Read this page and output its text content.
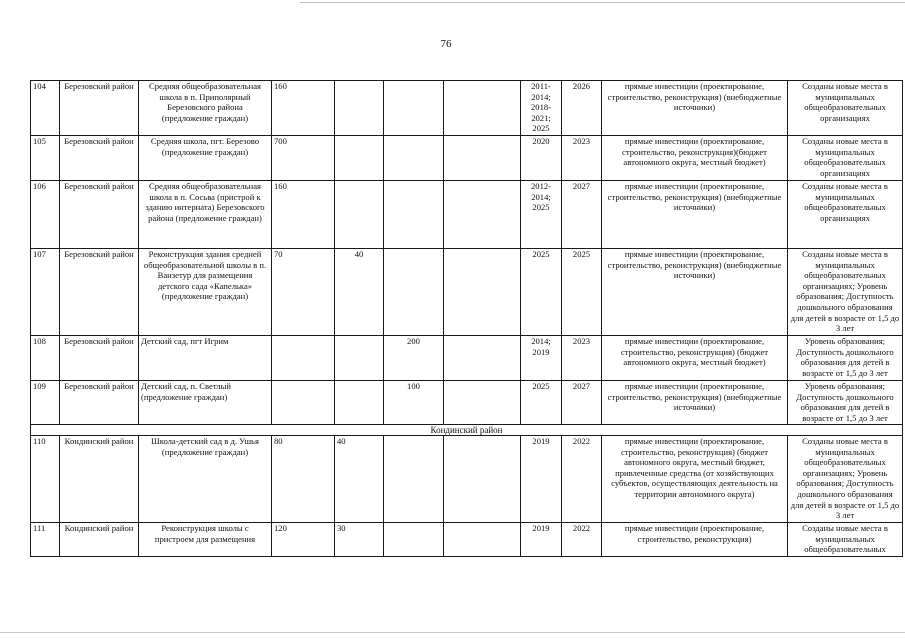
76
104	Березовский район	Средняя общеобразовательная школа в п. Приполярный Березовского района (предложение граждан)	160				2011-2014; 2018-2021; 2025	2026	прямые инвестиции (проектирование, строительство, реконструкция) (внебюджетные источники)	Созданы новые места в муниципальных общеобразовательных организациях
105	Березовский район	Средняя школа, пгт. Березово (предложение граждан)	700				2020	2023	прямые инвестиции (проектирование, строительство, реконструкция)(бюджет автономного округа, местный бюджет)	Созданы новые места в муниципальных общеобразовательных организациях
106	Березовский район	Средняя общеобразовательная школа в п. Сосьва (пристрой к зданию интерната) Березовского района (предложение граждан)	160				2012-2014; 2025	2027	прямые инвестиции (проектирование, строительство, реконструкция) (внебюджетные источники)	Созданы новые места в муниципальных общеобразовательных организациях
107	Березовский район	Реконструкция здания средней общеобразовательной школы в п. Ванзетур для размещения детского сада «Капелька» (предложение граждан)	70	40			2025	2025	прямые инвестиции (проектирование, строительство, реконструкция) (внебюджетные источники)	Созданы новые места в муниципальных общеобразовательных организациях; Уровень образования; Доступность дошкольного образования для детей в возрасте от 1,5 до 3 лет
108	Березовский район	Детский сад, пгт Игрим			200		2014; 2019	2023	прямые инвестиции (проектирование, строительство, реконструкция) (бюджет автономного округа, местный бюджет)	Уровень образования; Доступность дошкольного образования для детей в возрасте от 1,5 до 3 лет
109	Березовский район	Детский сад, п. Светлый (предложение граждан)			100		2025	2027	прямые инвестиции (проектирование, строительство, реконструкция) (внебюджетные источники)	Уровень образования; Доступность дошкольного образования для детей в возрасте от 1,5 до 3 лет
Кондинский район										
110	Кондинский район	Школа-детский сад в д. Ушья (предложение граждан)	80	40			2019	2022	прямые инвестиции (проектирование, строительство, реконструкция) (бюджет автономного округа, местный бюджет, привлеченные средства (от хозяйствующих субъектов, осуществляющих деятельность на территории автономного округа)	Созданы новые места в муниципальных общеобразовательных организациях; Уровень образования; Доступность дошкольного образования для детей в возрасте от 1,5 до 3 лет
111	Кондинский район	Реконструкция школы с пристроем для размещения	120	30			2019	2022	прямые инвестиции (проектирование, строительство, реконструкция)	Созданы новые места в муниципальных общеобразовательных
